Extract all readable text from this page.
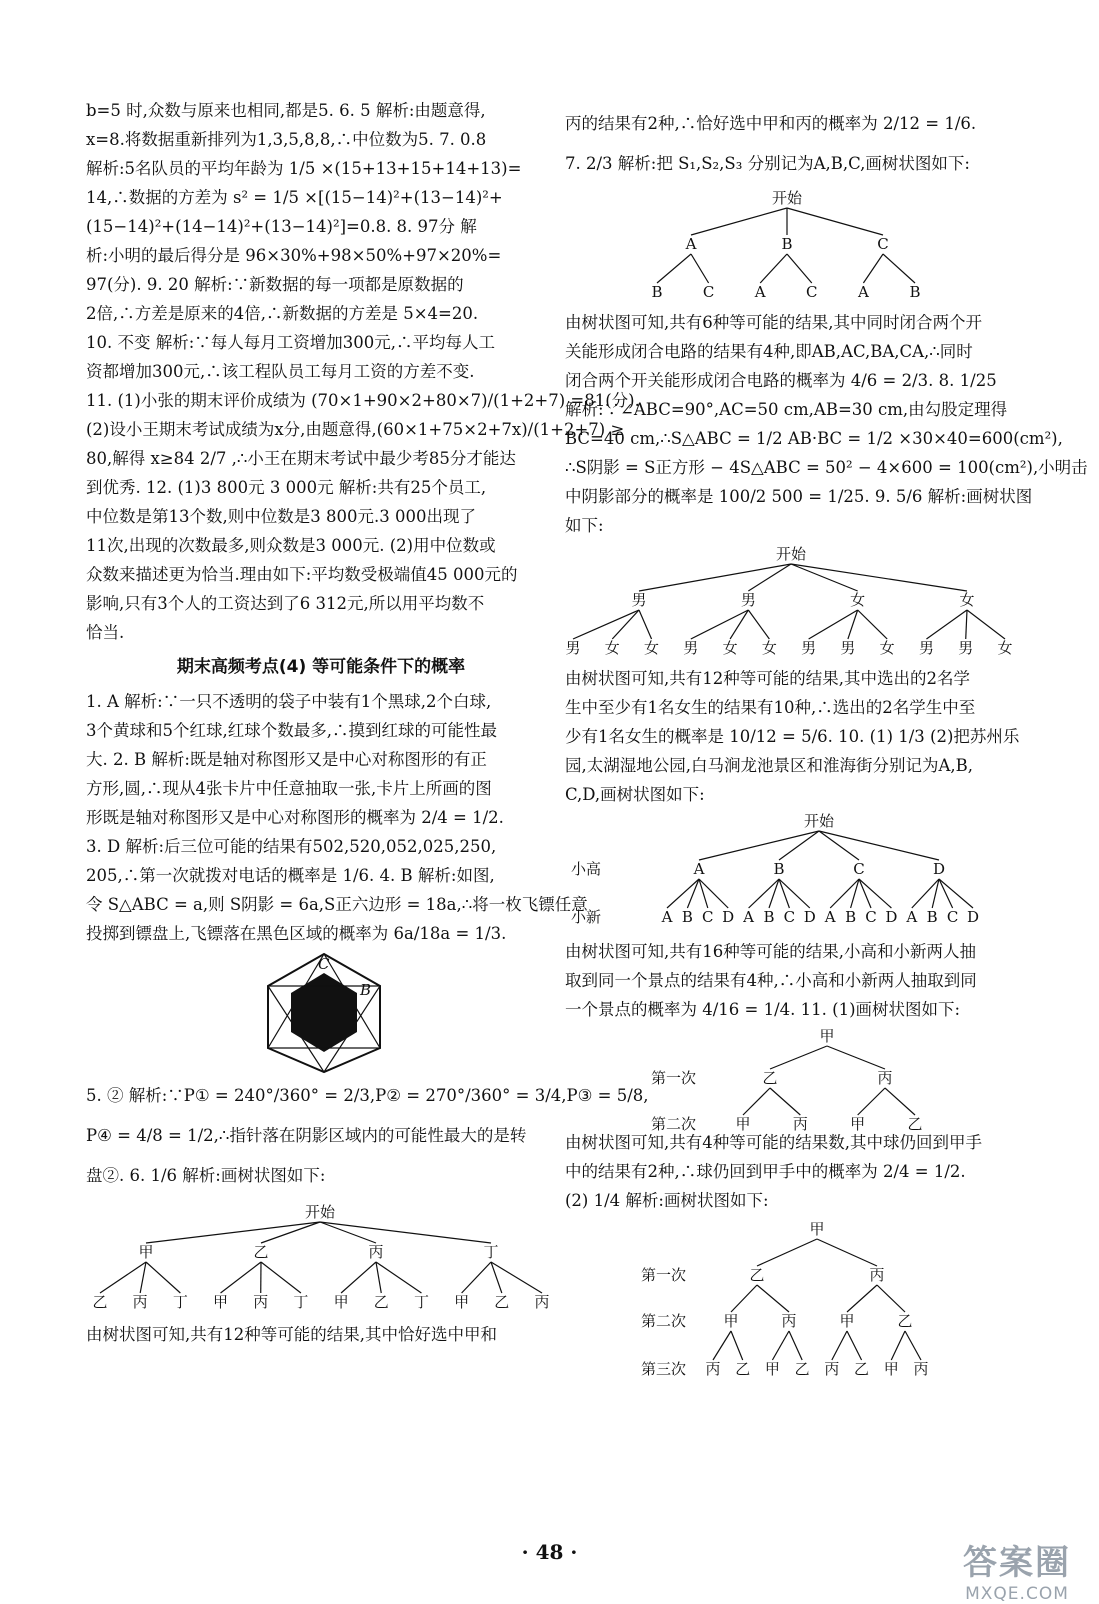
b=5 时,众数与原来也相同,都是5. 6. 5 解析:由题意得,
x=8.将数据重新排列为1,3,5,8,8,∴中位数为5. 7. 0.8
解析:5名队员的平均年龄为 1/5 ×(15+13+15+14+13)=
14,∴数据的方差为 s² = 1/5 ×[(15−14)²+(13−14)²+
(15−14)²+(14−14)²+(13−14)²]=0.8. 8. 97分 解
析:小明的最后得分是 96×30%+98×50%+97×20%=
97(分). 9. 20 解析:∵新数据的每一项都是原数据的
2倍,∴方差是原来的4倍,∴新数据的方差是 5×4=20.
10. 不变 解析:∵每人每月工资增加300元,∴平均每人工
资都增加300元,∴该工程队员工每月工资的方差不变.
11. (1)小张的期末评价成绩为 (70×1+90×2+80×7)/(1+2+7) =81(分).
(2)设小王期末考试成绩为x分,由题意得,(60×1+75×2+7x)/(1+2+7) ≥
80,解得 x≥84 2/7 ,∴小王在期末考试中最少考85分才能达
到优秀. 12. (1)3 800元 3 000元 解析:共有25个员工,
中位数是第13个数,则中位数是3 800元.3 000出现了
11次,出现的次数最多,则众数是3 000元. (2)用中位数或
众数来描述更为恰当.理由如下:平均数受极端值45 000元的
影响,只有3个人的工资达到了6 312元,所以用平均数不
恰当.
期末高频考点(4) 等可能条件下的概率
1. A 解析:∵一只不透明的袋子中装有1个黑球,2个白球,
3个黄球和5个红球,红球个数最多,∴摸到红球的可能性最
大. 2. B 解析:既是轴对称图形又是中心对称图形的有正
方形,圆,∴现从4张卡片中任意抽取一张,卡片上所画的图
形既是轴对称图形又是中心对称图形的概率为 2/4 = 1/2.
3. D 解析:后三位可能的结果有502,520,052,025,250,
205,∴第一次就拨对电话的概率是 1/6. 4. B 解析:如图,
令 S△ABC = a,则 S阴影 = 6a,S正六边形 = 18a,∴将一枚飞镖任意
投掷到镖盘上,飞镖落在黑色区域的概率为 6a/18a = 1/3.
C
B
5. ② 解析:∵P① = 240°/360° = 2/3,P② = 270°/360° = 3/4,P③ = 5/8,
P④ = 4/8 = 1/2,∴指针落在阴影区域内的可能性最大的是转
盘②. 6. 1/6 解析:画树状图如下:
开始
甲	乙	丙	丁
乙 丙 丁 甲 丙 丁 甲 乙 丁 甲 乙 丙
由树状图可知,共有12种等可能的结果,其中恰好选中甲和
丙的结果有2种,∴恰好选中甲和丙的概率为 2/12 = 1/6.
7. 2/3 解析:把 S₁,S₂,S₃ 分别记为A,B,C,画树状图如下:
开始
A	B	C
B	C	A	C	A	B
由树状图可知,共有6种等可能的结果,其中同时闭合两个开
关能形成闭合电路的结果有4种,即AB,AC,BA,CA,∴同时
闭合两个开关能形成闭合电路的概率为 4/6 = 2/3. 8. 1/25
解析:∵∠ABC=90°,AC=50 cm,AB=30 cm,由勾股定理得
BC=40 cm,∴S△ABC = 1/2 AB·BC = 1/2 ×30×40=600(cm²),
∴S阴影 = S正方形 − 4S△ABC = 50² − 4×600 = 100(cm²),小明击
中阴影部分的概率是 100/2 500 = 1/25. 9. 5/6 解析:画树状图
如下:
开始
男	男	女	女
男 女 女 男 女 女 男 男 女 男 男 女
由树状图可知,共有12种等可能的结果,其中选出的2名学
生中至少有1名女生的结果有10种,∴选出的2名学生中至
少有1名女生的概率是 10/12 = 5/6. 10. (1) 1/3 (2)把苏州乐
园,太湖湿地公园,白马涧龙池景区和淮海街分别记为A,B,
C,D,画树状图如下:
开始
A	B	C	D
A B C D A B C D A B C D A B C D
小高
小新
由树状图可知,共有16种等可能的结果,小高和小新两人抽
取到同一个景点的结果有4种,∴小高和小新两人抽取到同
一个景点的概率为 4/16 = 1/4. 11. (1)画树状图如下:
甲
乙	丙
甲	丙	甲	乙
第一次
第二次
由树状图可知,共有4种等可能的结果数,其中球仍回到甲手
中的结果有2种,∴球仍回到甲手中的概率为 2/4 = 1/2.
(2) 1/4 解析:画树状图如下:
甲
乙	丙
甲	丙	甲	乙
丙 乙 甲 乙 丙 乙 甲 丙
第一次
第二次
第三次
· 48 ·	答案圈
MXQE.COM
